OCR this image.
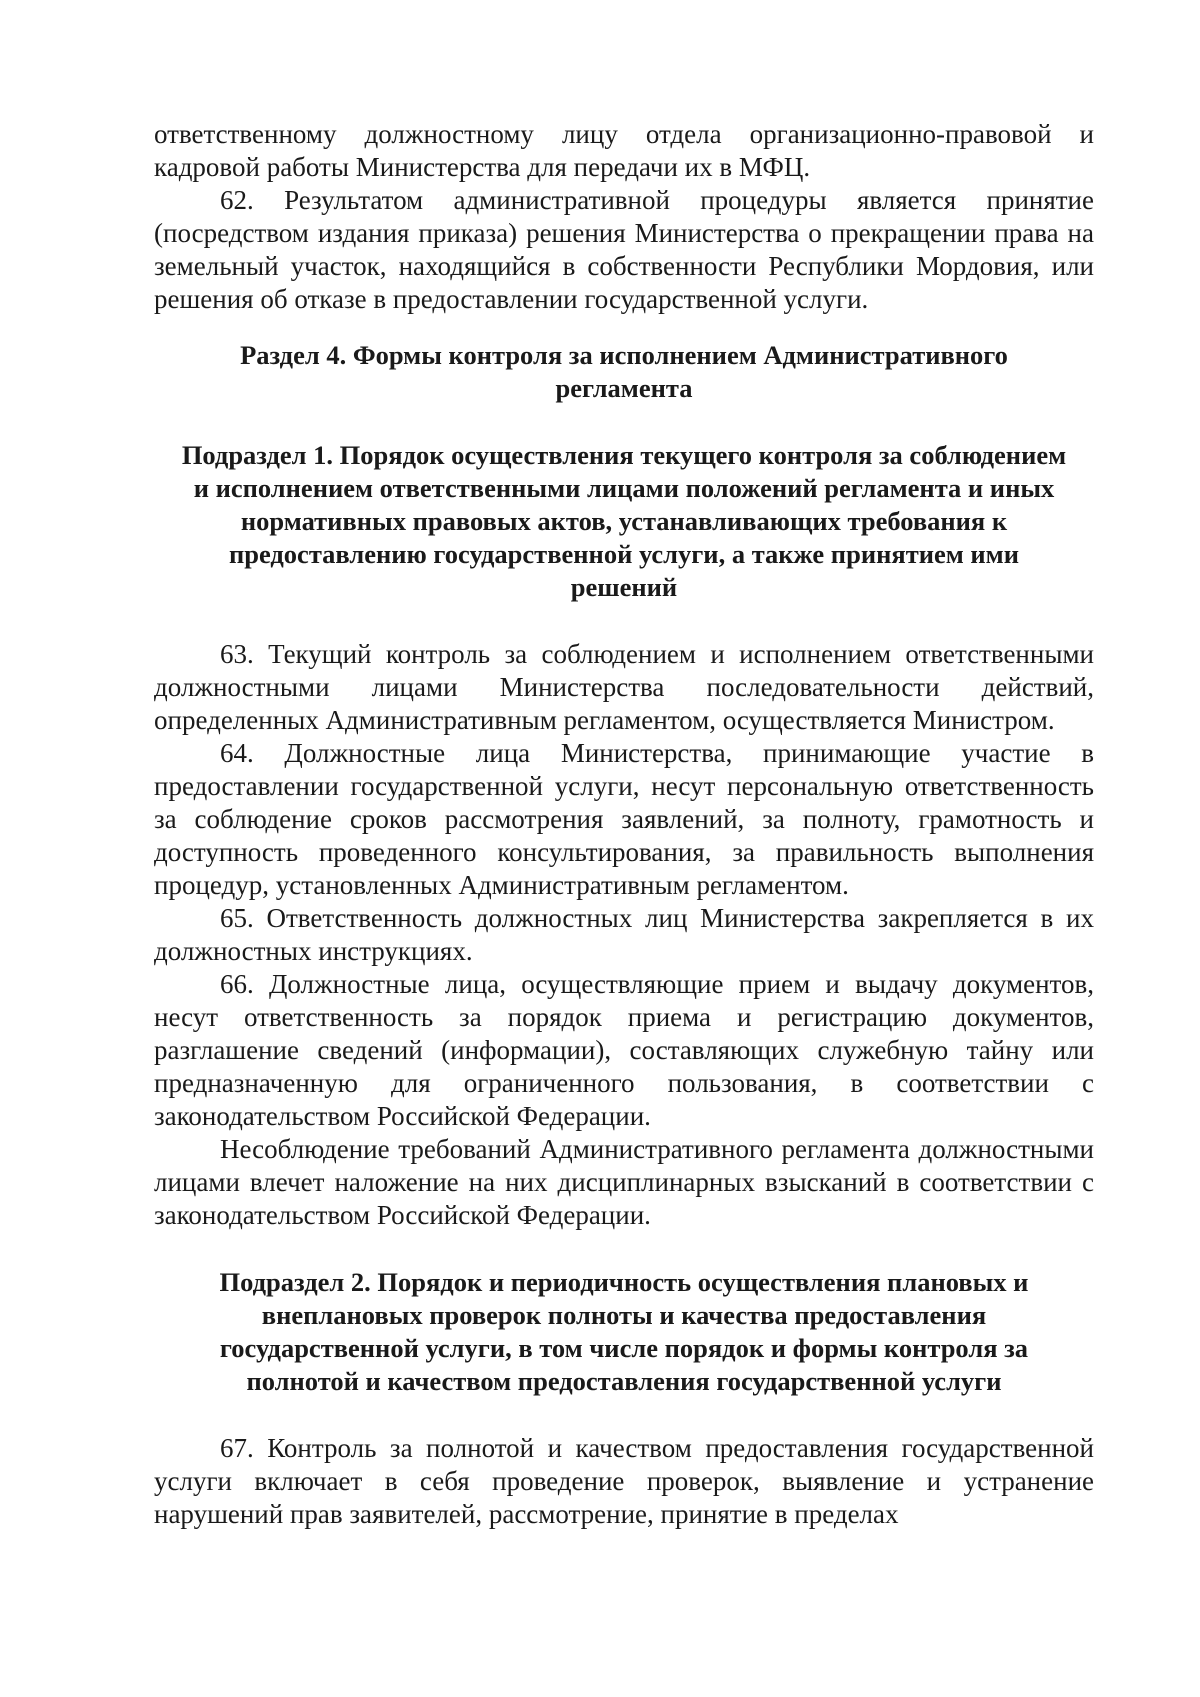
ответственному должностному лицу отдела организационно-правовой и кадровой работы Министерства для передачи их в МФЦ.

62. Результатом административной процедуры является принятие (посредством издания приказа) решения Министерства о прекращении права на земельный участок, находящийся в собственности Республики Мордовия, или решения об отказе в предоставлении государственной услуги.

Раздел 4. Формы контроля за исполнением Административного регламента

Подраздел 1. Порядок осуществления текущего контроля за соблюдением и исполнением ответственными лицами положений регламента и иных нормативных правовых актов, устанавливающих требования к предоставлению государственной услуги, а также принятием ими решений

63. Текущий контроль за соблюдением и исполнением ответственными должностными лицами Министерства последовательности действий, определенных Административным регламентом, осуществляется Министром.

64. Должностные лица Министерства, принимающие участие в предоставлении государственной услуги, несут персональную ответственность за соблюдение сроков рассмотрения заявлений, за полноту, грамотность и доступность проведенного консультирования, за правильность выполнения процедур, установленных Административным регламентом.

65. Ответственность должностных лиц Министерства закрепляется в их должностных инструкциях.

66. Должностные лица, осуществляющие прием и выдачу документов, несут ответственность за порядок приема и регистрацию документов, разглашение сведений (информации), составляющих служебную тайну или предназначенную для ограниченного пользования, в соответствии с законодательством Российской Федерации.

Несоблюдение требований Административного регламента должностными лицами влечет наложение на них дисциплинарных взысканий в соответствии с законодательством Российской Федерации.

Подраздел 2. Порядок и периодичность осуществления плановых и внеплановых проверок полноты и качества предоставления государственной услуги, в том числе порядок и формы контроля за полнотой и качеством предоставления государственной услуги

67. Контроль за полнотой и качеством предоставления государственной услуги включает в себя проведение проверок, выявление и устранение нарушений прав заявителей, рассмотрение, принятие в пределах
